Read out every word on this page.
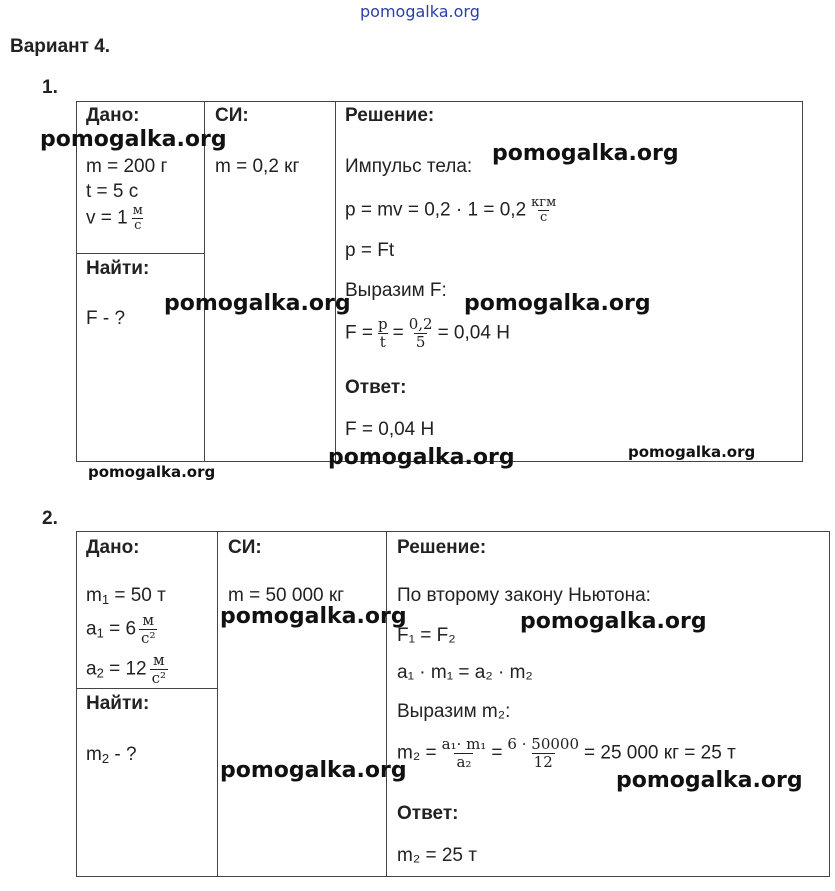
pomogalka.org
Вариант 4.
1.
Дано:
m = 200 г
t = 5 с
$v = 1 \frac{м}{с}$
Найти:
F - ?
СИ:
m = 0,2 кг
Решение:
Импульс тела:
p = mv = $0,2 \cdot 1 = 0,2 \frac{\text{кгм}}{с}$
p = Ft
Выразим F:
$F = \frac{p}{t} = \frac{0,2}{5} = 0,04$ Н
Ответ:
F = 0,04 Н
2.
Дано:
$m_1 = 50$ т
$a_1 = 6 \frac{м}{\text{с²}}$
$a_2 = 12 \frac{м}{\text{с²}}$
Найти:
$m_2$ - ?
СИ:
m = 50 000 кг
Решение:
По второму закону Ньютона:
F₁ = F₂
a₁ · m₁ = a₂ · m₂
Выразим m₂:
$m_2 = \frac{\text{a₁· m₁}}{\text{a₂}} = \frac{6 \cdot 50000}{12} = 25$ 000 кг = 25 т
Ответ:
m₂ = 25 т
pomogalka.org
pomogalka.org
pomogalka.org	pomogalka.org
pomogalka.org	pomogalka.org
pomogalka.org
pomogalka.org	pomogalka.org
pomogalka.org	pomogalka.org
